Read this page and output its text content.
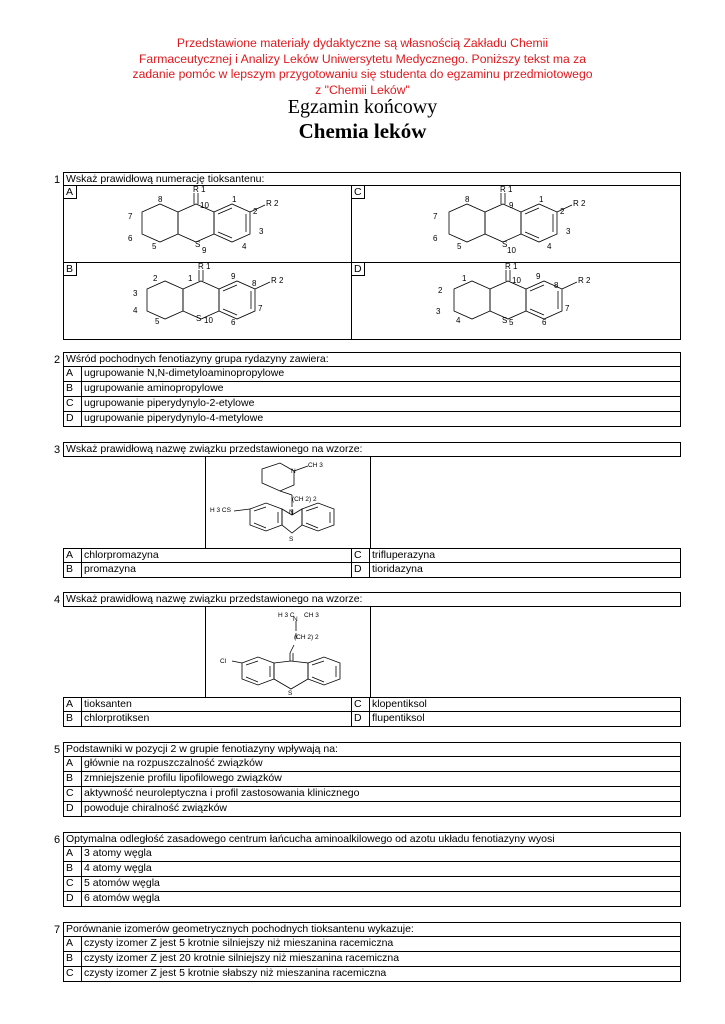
Przedstawione materiały dydaktyczne są własnością Zakładu Chemii
Farmaceutycznej i Analizy Leków Uniwersytetu Medycznego. Poniższy tekst ma za
zadanie pomóc w lepszym przygotowaniu się studenta do egzaminu przedmiotowego
z "Chemii Leków"
Egzamin końcowy
Chemia leków
1 Wskaż prawidłową numerację tioksantenu:
A	C
B	D
R 1
R 2
8
10
1
2
7
3
6
5	S
9	4
R 1
R 2
8
9
1
2
7
3
6
5	S
10	4
R 1
R 2
2	1	9
8
3
7
4
5	S 10 6
R 1
R 2
1	10 9
8
2
7
3
4	S 5	6
2 Wśród pochodnych fenotiazyny grupa rydazyny zawiera:
A	ugrupowanie N,N-dimetyloaminopropylowe
B	ugrupowanie aminopropylowe
C ugrupowanie piperydynylo-2-etylowe
D ugrupowanie piperydynylo-4-metylowe
3 Wskaż prawidłową nazwę związku przedstawionego na wzorze:
N
CH 3
(CH 2) 2
H 3 CS	N
S
A	chlorpromazyna	C trifluperazyna
B	promazyna	D tioridazyna
4 Wskaż prawidłową nazwę związku przedstawionego na wzorze:
H 3 C CH 3
N
(CH 2) 2
Cl
S
A	tioksanten	C klopentiksol
B	chlorprotiksen	D flupentiksol
5 Podstawniki w pozycji 2 w grupie fenotiazyny wpływają na:
A	głównie na rozpuszczalność związków
B	zmniejszenie profilu lipofilowego związków
C aktywność neuroleptyczna i profil zastosowania klinicznego
D powoduje chiralność związków
6 Optymalna odległość zasadowego centrum łańcucha aminoalkilowego od azotu układu fenotiazyny wyosi
A	3 atomy węgla
B	4 atomy węgla
C 5 atomów węgla
D 6 atomów węgla
7 Porównanie izomerów geometrycznych pochodnych tioksantenu wykazuje:
A	czysty izomer Z jest 5 krotnie silniejszy niż mieszanina racemiczna
B	czysty izomer Z jest 20 krotnie silniejszy niż mieszanina racemiczna
C czysty izomer Z jest 5 krotnie słabszy niż mieszanina racemiczna
